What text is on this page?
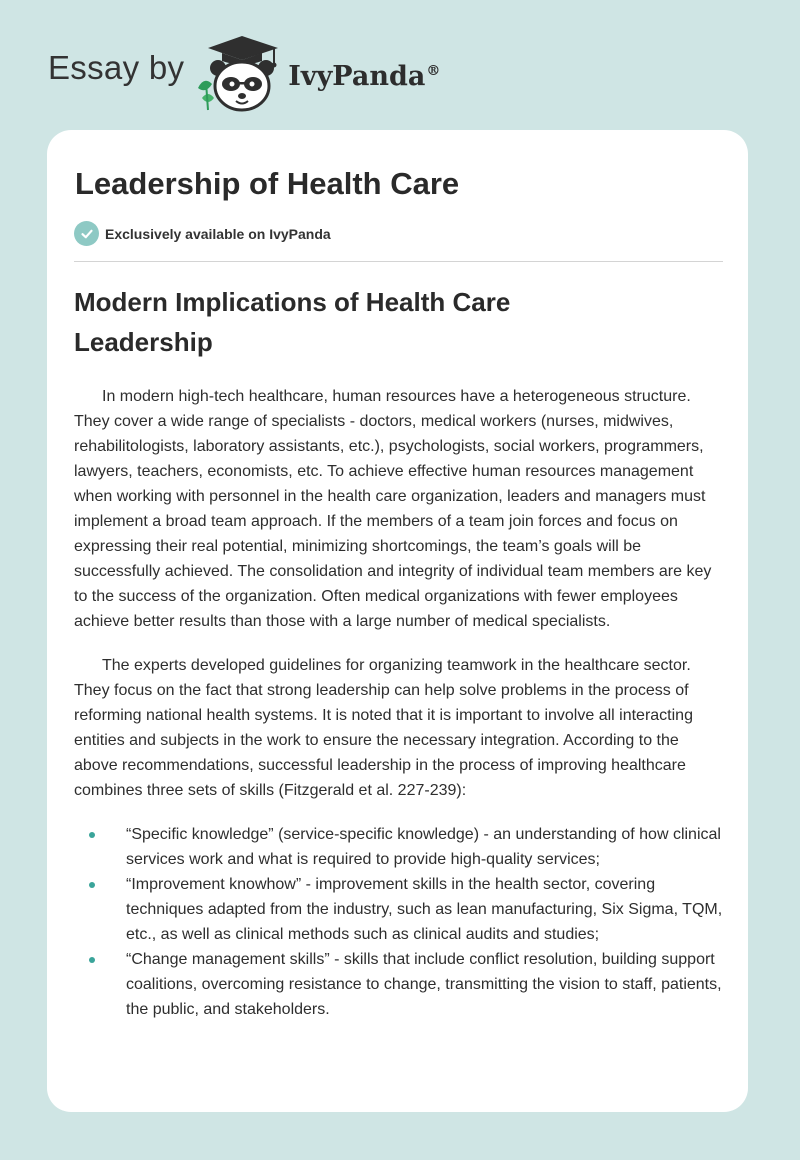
Essay by	IvyPanda®
Leadership of Health Care
Exclusively available on IvyPanda
Modern Implications of Health Care Leadership

In modern high-tech healthcare, human resources have a heterogeneous structure. They cover a wide range of specialists - doctors, medical workers (nurses, midwives, rehabilitologists, laboratory assistants, etc.), psychologists, social workers, programmers, lawyers, teachers, economists, etc. To achieve effective human resources management when working with personnel in the health care organization, leaders and managers must implement a broad team approach. If the members of a team join forces and focus on expressing their real potential, minimizing shortcomings, the team’s goals will be successfully achieved. The consolidation and integrity of individual team members are key to the success of the organization. Often medical organizations with fewer employees achieve better results than those with a large number of medical specialists.

The experts developed guidelines for organizing teamwork in the healthcare sector. They focus on the fact that strong leadership can help solve problems in the process of reforming national health systems. It is noted that it is important to involve all interacting entities and subjects in the work to ensure the necessary integration. According to the above recommendations, successful leadership in the process of improving healthcare combines three sets of skills (Fitzgerald et al. 227-239):

“Specific knowledge” (service-specific knowledge) - an understanding of how clinical services work and what is required to provide high-quality services;
“Improvement knowhow” - improvement skills in the health sector, covering techniques adapted from the industry, such as lean manufacturing, Six Sigma, TQM, etc., as well as clinical methods such as clinical audits and studies;
“Change management skills” - skills that include conflict resolution, building support coalitions, overcoming resistance to change, transmitting the vision to staff, patients, the public, and stakeholders.
